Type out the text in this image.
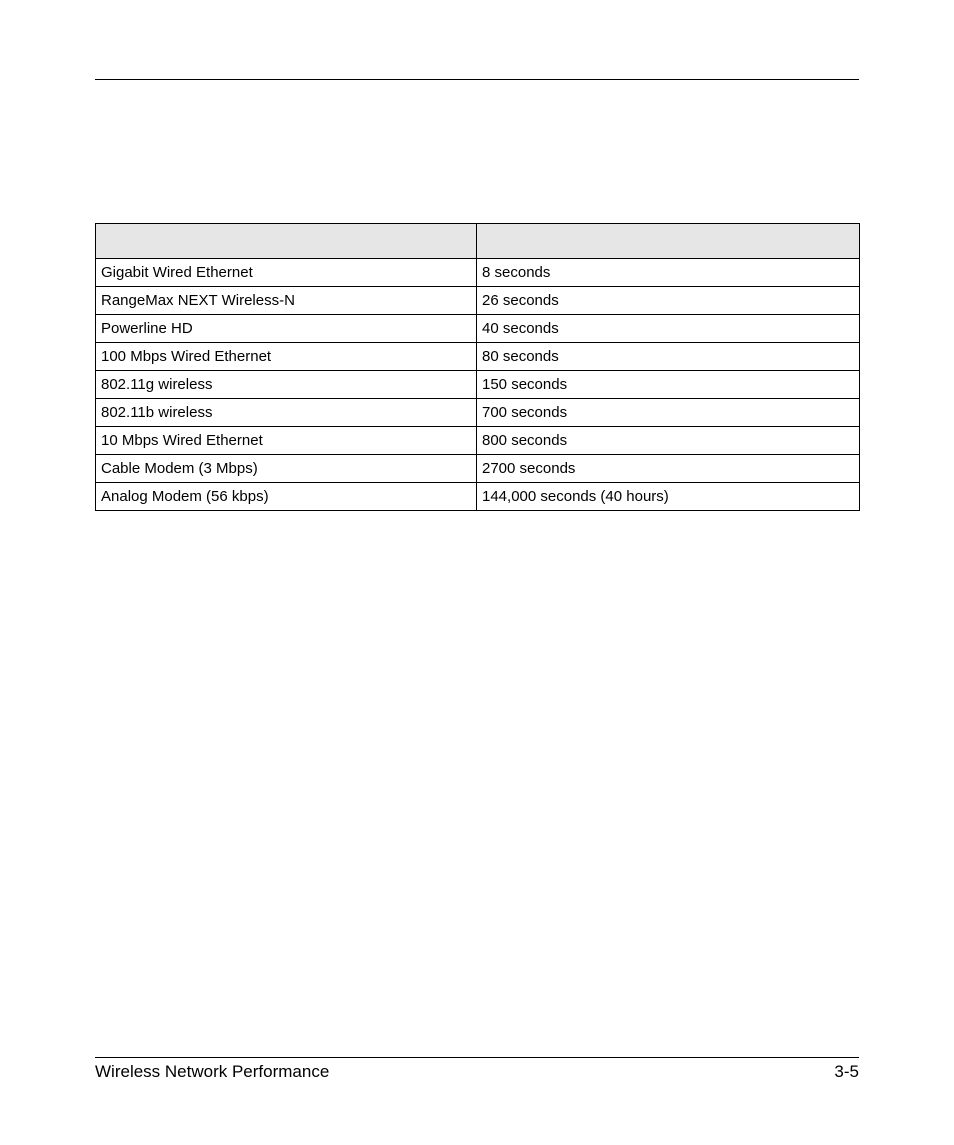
Gigabit Wired Ethernet	8 seconds
RangeMax NEXT Wireless-N	26 seconds
Powerline HD	40 seconds
100 Mbps Wired Ethernet	80 seconds
802.11g wireless	150 seconds
802.11b wireless	700 seconds
10 Mbps Wired Ethernet	800 seconds
Cable Modem (3 Mbps)	2700 seconds
Analog Modem (56 kbps)	144,000 seconds (40 hours)
Wireless Network Performance	3-5
